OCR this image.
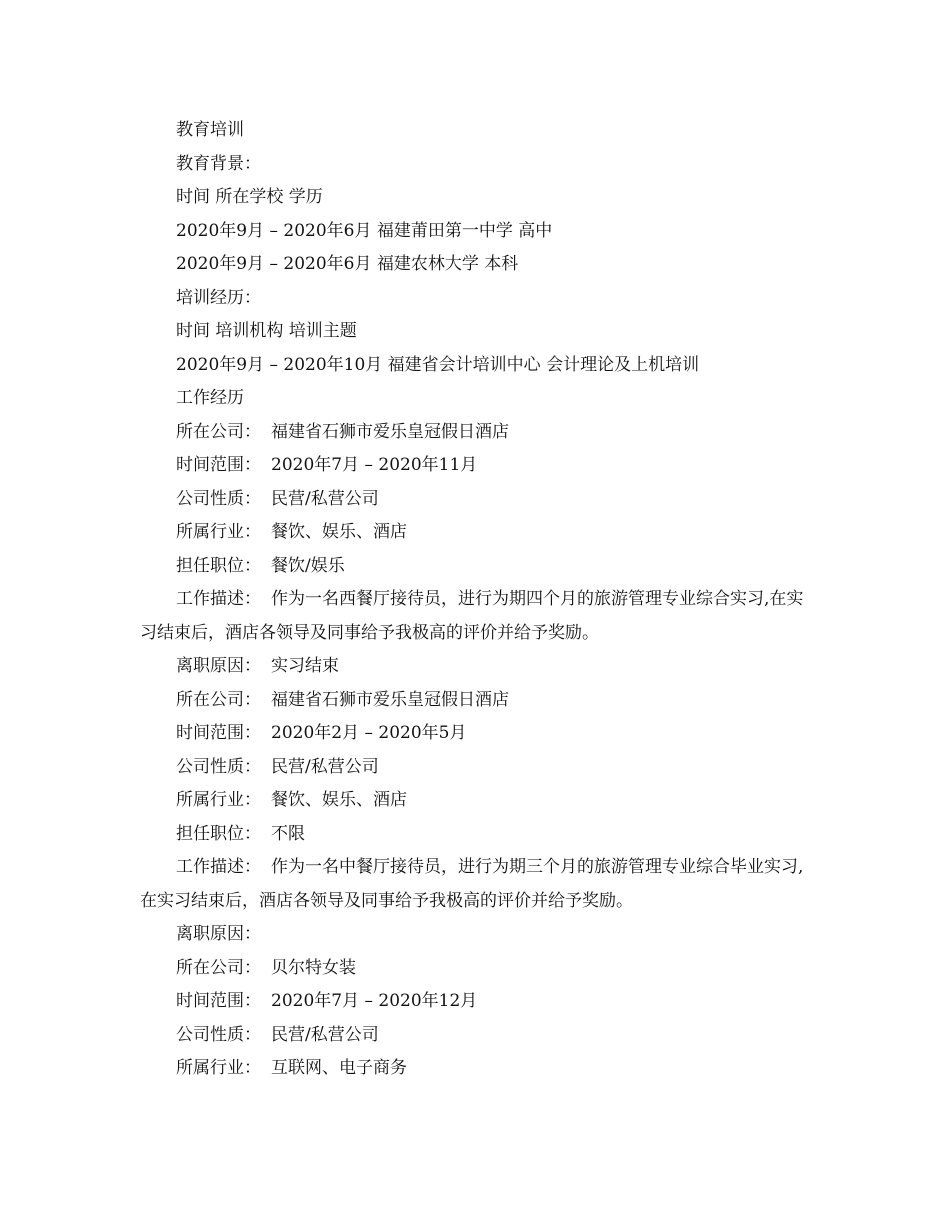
教育培训
教育背景：
时间 所在学校 学历
2020年9月 – 2020年6月 福建莆田第一中学 高中
2020年9月 – 2020年6月 福建农林大学 本科
培训经历：
时间 培训机构 培训主题
2020年9月 – 2020年10月 福建省会计培训中心 会计理论及上机培训
工作经历
所在公司： 福建省石狮市爱乐皇冠假日酒店
时间范围： 2020年7月 – 2020年11月
公司性质： 民营/私营公司
所属行业： 餐饮、娱乐、酒店
担任职位： 餐饮/娱乐
工作描述： 作为一名西餐厅接待员，进行为期四个月的旅游管理专业综合实习,在实习结束后，酒店各领导及同事给予我极高的评价并给予奖励。
离职原因： 实习结束
所在公司： 福建省石狮市爱乐皇冠假日酒店
时间范围： 2020年2月 – 2020年5月
公司性质： 民营/私营公司
所属行业： 餐饮、娱乐、酒店
担任职位： 不限
工作描述： 作为一名中餐厅接待员，进行为期三个月的旅游管理专业综合毕业实习,在实习结束后，酒店各领导及同事给予我极高的评价并给予奖励。
离职原因：
所在公司： 贝尔特女装
时间范围： 2020年7月 – 2020年12月
公司性质： 民营/私营公司
所属行业： 互联网、电子商务
